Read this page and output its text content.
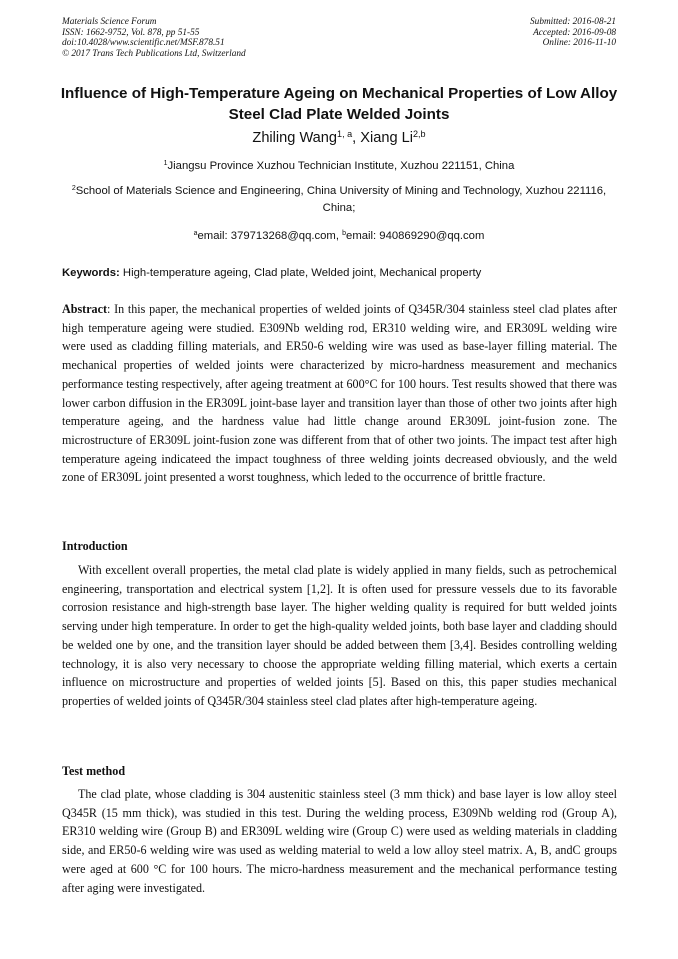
Materials Science Forum
ISSN: 1662-9752, Vol. 878, pp 51-55
doi:10.4028/www.scientific.net/MSF.878.51
© 2017 Trans Tech Publications Ltd, Switzerland
Submitted: 2016-08-21
Accepted: 2016-09-08
Online: 2016-11-10
Influence of High-Temperature Ageing on Mechanical Properties of Low Alloy Steel Clad Plate Welded Joints
Zhiling Wang$^{1, a}$, Xiang Li$^{2,b}$
$^1$Jiangsu Province Xuzhou Technician Institute, Xuzhou 221151, China
$^2$School of Materials Science and Engineering, China University of Mining and Technology, Xuzhou 221116, China;
$^a$email: 379713268@qq.com, $^b$email: 940869290@qq.com
Keywords: High-temperature ageing, Clad plate, Welded joint, Mechanical property
Abstract: In this paper, the mechanical properties of welded joints of Q345R/304 stainless steel clad plates after high temperature ageing were studied. E309Nb welding rod, ER310 welding wire, and ER309L welding wire were used as cladding filling materials, and ER50-6 welding wire was used as base-layer filling material. The mechanical properties of welded joints were characterized by micro-hardness measurement and mechanics performance testing respectively, after ageing treatment at 600°C for 100 hours. Test results showed that there was lower carbon diffusion in the ER309L joint-base layer and transition layer than those of other two joints after high temperature ageing, and the hardness value had little change around ER309L joint-fusion zone. The microstructure of ER309L joint-fusion zone was different from that of other two joints. The impact test after high temperature ageing indicateed the impact toughness of three welding joints decreased obviously, and the weld zone of ER309L joint presented a worst toughness, which leded to the occurrence of brittle fracture.
Introduction
With excellent overall properties, the metal clad plate is widely applied in many fields, such as petrochemical engineering, transportation and electrical system [1,2]. It is often used for pressure vessels due to its favorable corrosion resistance and high-strength base layer. The higher welding quality is required for butt welded joints serving under high temperature. In order to get the high-quality welded joints, both base layer and cladding should be welded one by one, and the transition layer should be added between them [3,4]. Besides controlling welding technology, it is also very necessary to choose the appropriate welding filling material, which exerts a certain influence on microstructure and properties of welded joints [5]. Based on this, this paper studies mechanical properties of welded joints of Q345R/304 stainless steel clad plates after high-temperature ageing.
Test method
The clad plate, whose cladding is 304 austenitic stainless steel (3 mm thick) and base layer is low alloy steel Q345R (15 mm thick), was studied in this test. During the welding process, E309Nb welding rod (Group A), ER310 welding wire (Group B) and ER309L welding wire (Group C) were used as welding materials in cladding side, and ER50-6 welding wire was used as welding material to weld a low alloy steel matrix. A, B, andC groups were aged at 600 °C for 100 hours. The micro-hardness measurement and the mechanical performance testing after aging were investigated.
